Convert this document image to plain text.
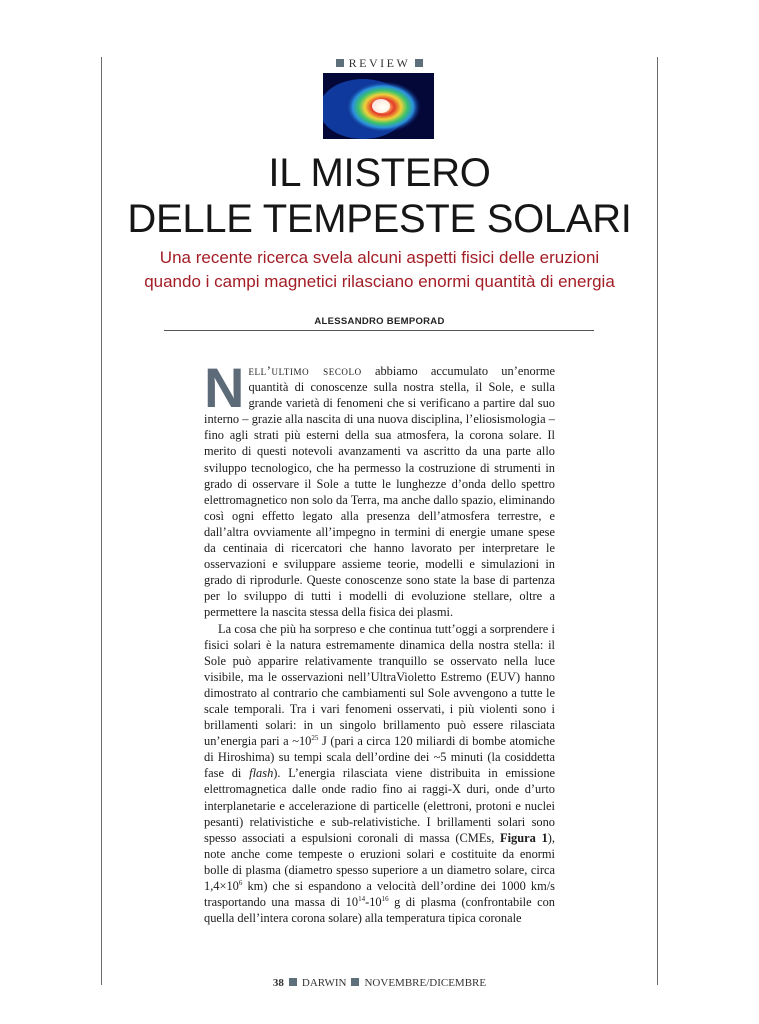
REVIEW
IL MISTERO
DELLE TEMPESTE SOLARI
Una recente ricerca svela alcuni aspetti fisici delle eruzioni
quando i campi magnetici rilasciano enormi quantità di energia
ALESSANDRO BEMPORAD

Nell’ultimo secolo abbiamo accumulato un’enorme quantità di conoscenze sulla nostra stella, il Sole, e sulla grande varietà di fenomeni che si verificano a partire dal suo interno – grazie alla nascita di una nuova disciplina, l’eliosismologia – fino agli strati più esterni della sua atmosfera, la corona solare. Il merito di questi notevoli avanzamenti va ascritto da una parte allo sviluppo tecnologico, che ha permesso la costruzione di strumenti in grado di osservare il Sole a tutte le lunghezze d’onda dello spettro elettromagnetico non solo da Terra, ma anche dallo spazio, eliminando così ogni effetto legato alla presenza dell’atmosfera terrestre, e dall’altra ovviamente all’impegno in termini di energie umane spese da centinaia di ricercatori che hanno lavorato per interpretare le osservazioni e sviluppare assieme teorie, modelli e simulazioni in grado di riprodurle. Queste conoscenze sono state la base di partenza per lo sviluppo di tutti i modelli di evoluzione stellare, oltre a permettere la nascita stessa della fisica dei plasmi.

La cosa che più ha sorpreso e che continua tutt’oggi a sorprendere i fisici solari è la natura estremamente dinamica della nostra stella: il Sole può apparire relativamente tranquillo se osservato nella luce visibile, ma le osservazioni nell’UltraVioletto Estremo (EUV) hanno dimostrato al contrario che cambiamenti sul Sole avvengono a tutte le scale temporali. Tra i vari fenomeni osservati, i più violenti sono i brillamenti solari: in un singolo brillamento può essere rilasciata un’energia pari a $\sim 10^{25}$ J (pari a circa 120 miliardi di bombe atomiche di Hiroshima) su tempi scala dell’ordine dei ~5 minuti (la cosiddetta fase di flash). L’energia rilasciata viene distribuita in emissione elettromagnetica dalle onde radio fino ai raggi-X duri, onde d’urto interplanetarie e accelerazione di particelle (elettroni, protoni e nuclei pesanti) relativistiche e sub-relativistiche. I brillamenti solari sono spesso associati a espulsioni coronali di massa (CMEs, Figura 1), note anche come tempeste o eruzioni solari e costituite da enormi bolle di plasma (diametro spesso superiore a un diametro solare, circa $1,4\times 10^6$ km) che si espandono a velocità dell’ordine dei 1000 km/s trasportando una massa di $10^{14}-10^{16}$ g di plasma (confrontabile con quella dell’intera corona solare) alla temperatura tipica coronale

38 DARWIN NOVEMBRE/DICEMBRE
